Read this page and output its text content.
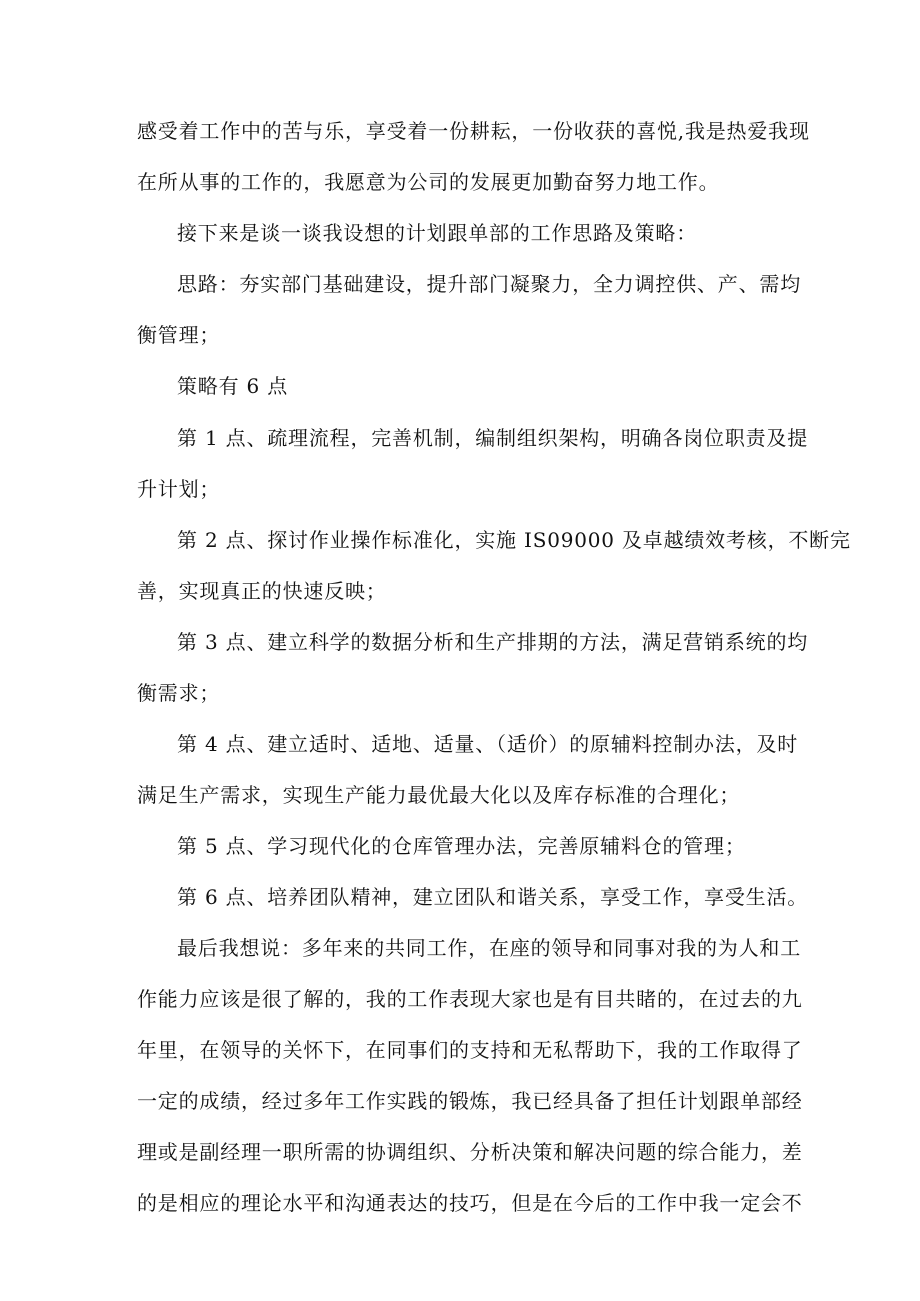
感受着工作中的苦与乐，享受着一份耕耘，一份收获的喜悦,我是热爱我现
在所从事的工作的，我愿意为公司的发展更加勤奋努力地工作。
接下来是谈一谈我设想的计划跟单部的工作思路及策略：
思路：夯实部门基础建设，提升部门凝聚力，全力调控供、产、需均
衡管理；
策略有 6 点
第 1 点、疏理流程，完善机制，编制组织架构，明确各岗位职责及提
升计划；
第 2 点、探讨作业操作标准化，实施 IS09000 及卓越绩效考核，不断完
善，实现真正的快速反映；
第 3 点、建立科学的数据分析和生产排期的方法，满足营销系统的均
衡需求；
第 4 点、建立适时、适地、适量、（适价）的原辅料控制办法，及时
满足生产需求，实现生产能力最优最大化以及库存标准的合理化；
第 5 点、学习现代化的仓库管理办法，完善原辅料仓的管理；
第 6 点、培养团队精神，建立团队和谐关系，享受工作，享受生活。
最后我想说：多年来的共同工作，在座的领导和同事对我的为人和工
作能力应该是很了解的，我的工作表现大家也是有目共睹的，在过去的九
年里，在领导的关怀下，在同事们的支持和无私帮助下，我的工作取得了
一定的成绩，经过多年工作实践的锻炼，我已经具备了担任计划跟单部经
理或是副经理一职所需的协调组织、分析决策和解决问题的综合能力，差
的是相应的理论水平和沟通表达的技巧，但是在今后的工作中我一定会不
